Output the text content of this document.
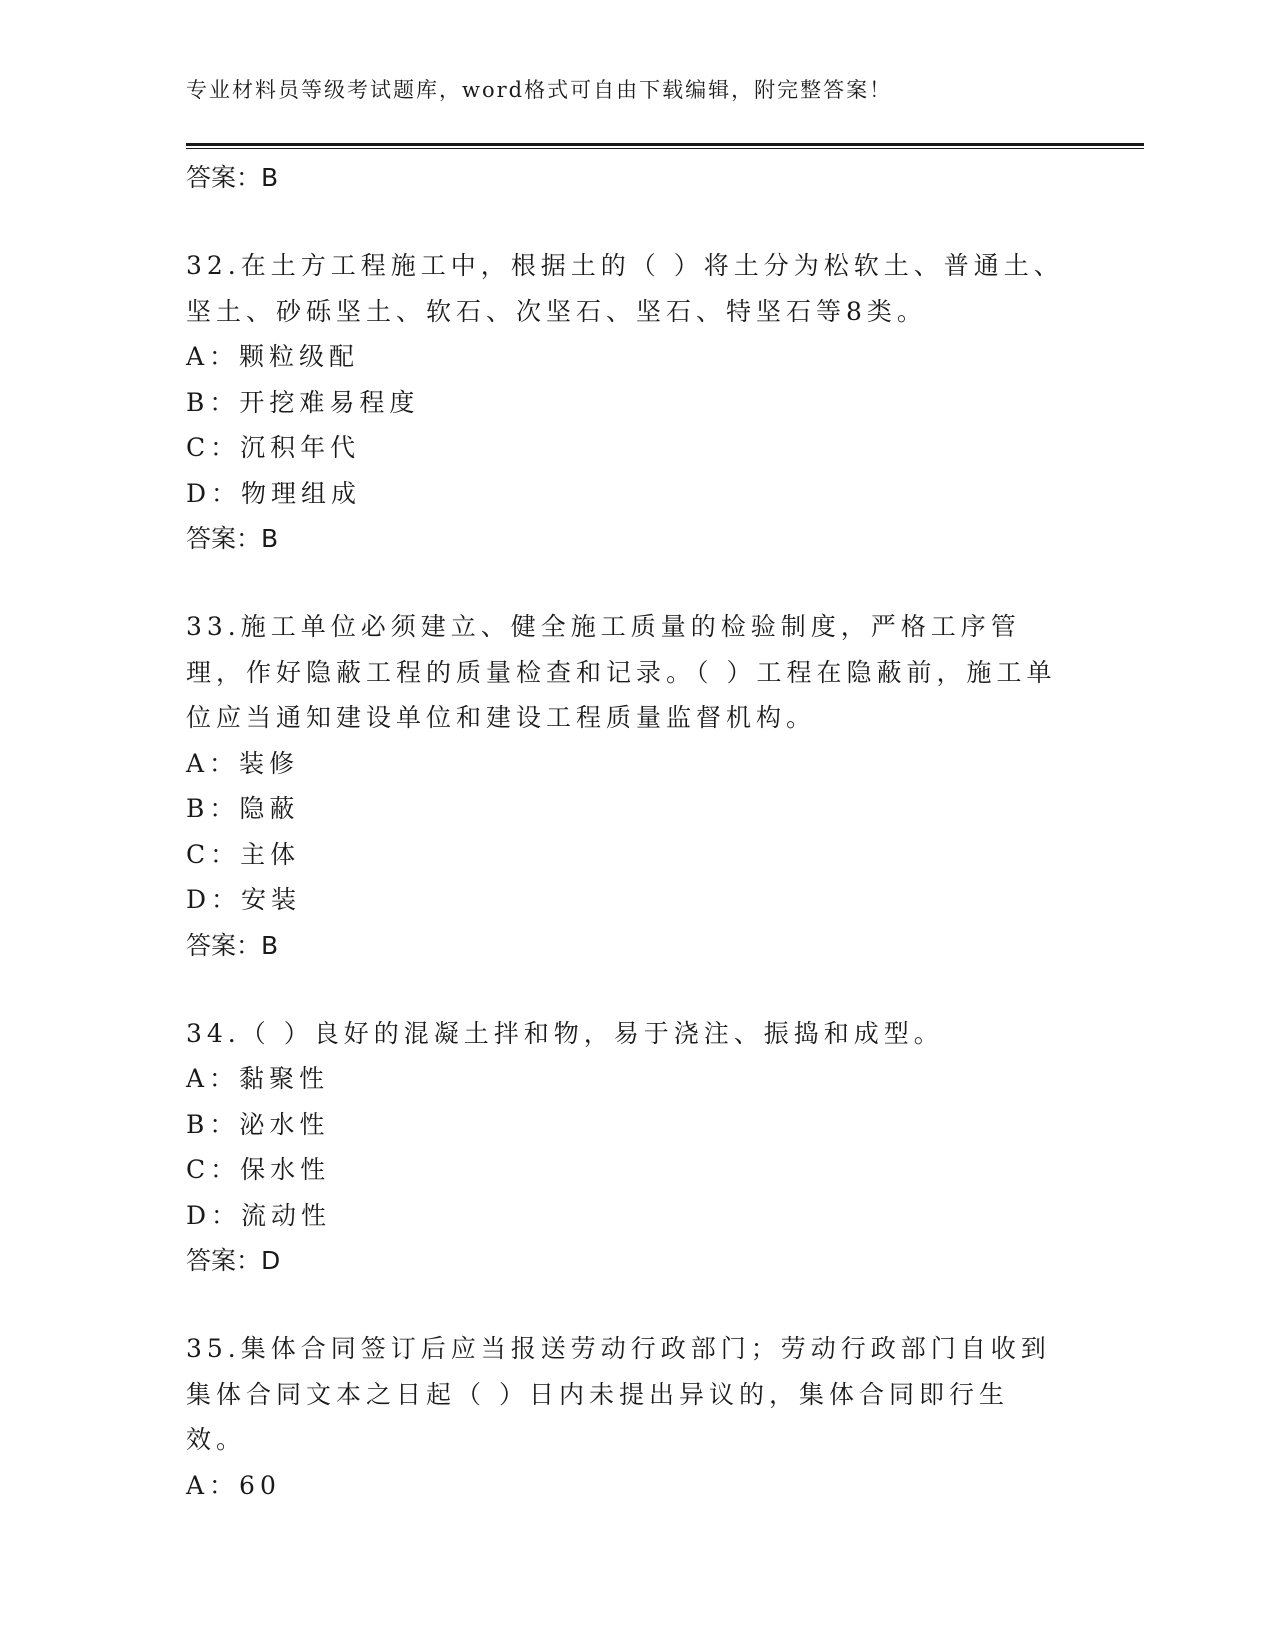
专业材料员等级考试题库，word格式可自由下载编辑，附完整答案！
答案：B
32.在土方工程施工中，根据土的（ ）将土分为松软土、普通土、坚土、砂砾坚土、软石、次坚石、坚石、特坚石等8类。
A：颗粒级配
B：开挖难易程度
C：沉积年代
D：物理组成
答案：B
33.施工单位必须建立、健全施工质量的检验制度，严格工序管理，作好隐蔽工程的质量检查和记录。（ ）工程在隐蔽前，施工单位应当通知建设单位和建设工程质量监督机构。
A：装修
B：隐蔽
C：主体
D：安装
答案：B
34.（ ）良好的混凝土拌和物，易于浇注、振捣和成型。
A：黏聚性
B：泌水性
C：保水性
D：流动性
答案：D
35.集体合同签订后应当报送劳动行政部门；劳动行政部门自收到集体合同文本之日起（ ）日内未提出异议的，集体合同即行生效。
A：60
